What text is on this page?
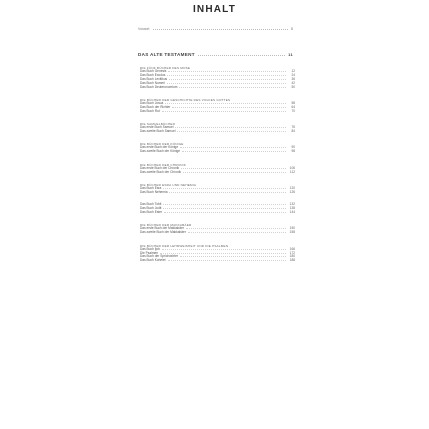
INHALT
Vorwort	5
DAS ALTE TESTAMENT	11
DIE FÜNF BÜCHER DES MOSE
Das Buch Genesis	12
Das Buch Exodus	24
Das Buch Levitikus	36
Das Buch Numeri	42
Das Buch Deuteronomium	50
DIE BÜCHER DER GESCHICHTE DES VOLKES GOTTES
Das Buch Josua	58
Das Buch der Richter	64
Das Buch Rut	70
DIE SAMUELBÜCHER
Das erste Buch Samuel	76
Das zweite Buch Samuel	84
DIE BÜCHER DER KÖNIGE
Das erste Buch der Könige	90
Das zweite Buch der Könige	98
DIE BÜCHER DER CHRONIK
Das erste Buch der Chronik	106
Das zweite Buch der Chronik	112
DIE BÜCHER ESRA UND NEHEMIA
Das Buch Esra	120
Das Buch Nehemia	126
Das Buch Tobit	132
Das Buch Judit	138
Das Buch Ester	144
DIE BÜCHER DER MAKKABÄER
Das erste Buch der Makkabäer	150
Das zweite Buch der Makkabäer	158
DIE BÜCHER DER LEHRWEISHEIT UND DIE PSALMEN
Das Buch Ijob	166
Die Psalmen	172
Das Buch der Sprichwörter	180
Das Buch Kohelet	188
